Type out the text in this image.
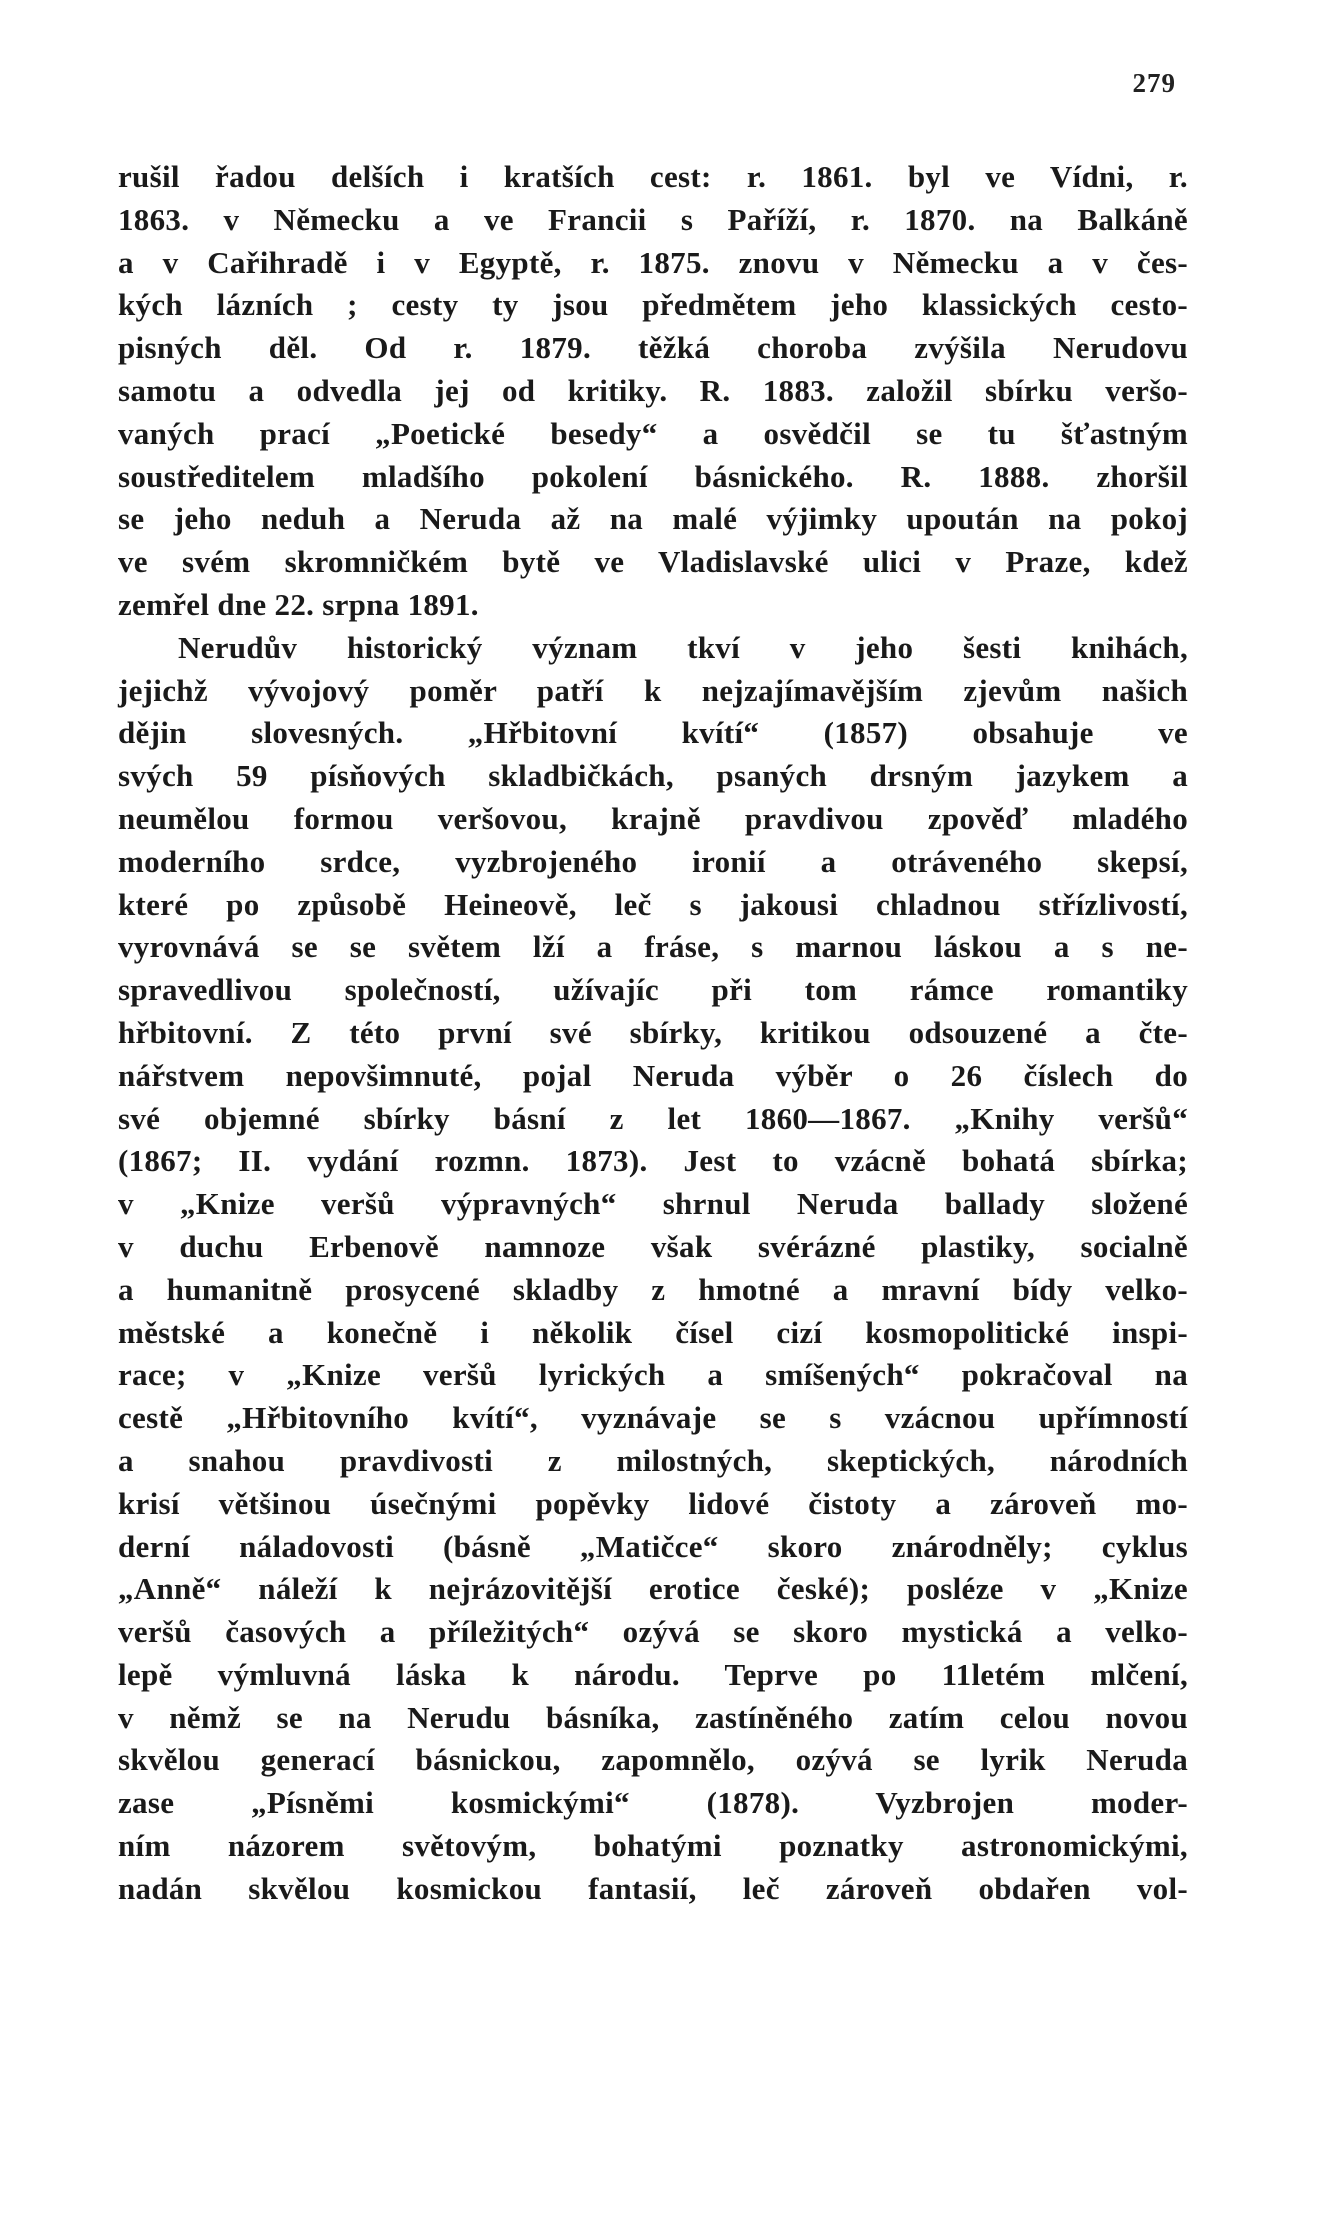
279
rušil řadou delších i kratších cest: r. 1861. byl ve Vídni, r.
1863. v Německu a ve Francii s Paříží, r. 1870. na Balkáně
a v Cařihradě i v Egyptě, r. 1875. znovu v Německu a v čes-
kých lázních ; cesty ty jsou předmětem jeho klassických cesto-
pisných děl. Od r. 1879. těžká choroba zvýšila Nerudovu
samotu a odvedla jej od kritiky. R. 1883. založil sbírku veršo-
vaných prací „Poetické besedy“ a osvědčil se tu šťastným
soustředitelem mladšího pokolení básnického. R. 1888. zhoršil
se jeho neduh a Neruda až na malé výjimky upoután na pokoj
ve svém skromničkém bytě ve Vladislavské ulici v Praze, kdež
zemřel dne 22. srpna 1891.
Nerudův historický význam tkví v jeho šesti knihách,
jejichž vývojový poměr patří k nejzajímavějším zjevům našich
dějin slovesných. „Hřbitovní kvítí“ (1857) obsahuje ve
svých 59 písňových skladbičkách, psaných drsným jazykem a
neumělou formou veršovou, krajně pravdivou zpověď mladého
moderního srdce, vyzbrojeného ironií a otráveného skepsí,
které po způsobě Heineově, leč s jakousi chladnou střízlivostí,
vyrovnává se se světem lží a fráse, s marnou láskou a s ne-
spravedlivou společností, užívajíc při tom rámce romantiky
hřbitovní. Z této první své sbírky, kritikou odsouzené a čte-
nářstvem nepovšimnuté, pojal Neruda výběr o 26 číslech do
své objemné sbírky básní z let 1860—1867. „Knihy veršů“
(1867; II. vydání rozmn. 1873). Jest to vzácně bohatá sbírka;
v „Knize veršů výpravných“ shrnul Neruda ballady složené
v duchu Erbenově namnoze však svérázné plastiky, socialně
a humanitně prosycené skladby z hmotné a mravní bídy velko-
městské a konečně i několik čísel cizí kosmopolitické inspi-
race; v „Knize veršů lyrických a smíšených“ pokračoval na
cestě „Hřbitovního kvítí“, vyznávaje se s vzácnou upřímností
a snahou pravdivosti z milostných, skeptických, národních
krisí většinou úsečnými popěvky lidové čistoty a zároveň mo-
derní náladovosti (básně „Matičce“ skoro znárodněly; cyklus
„Anně“ náleží k nejrázovitější erotice české); posléze v „Knize
veršů časových a příležitých“ ozývá se skoro mystická a velko-
lepě výmluvná láska k národu. Teprve po 11letém mlčení,
v němž se na Nerudu básníka, zastíněného zatím celou novou
skvělou generací básnickou, zapomnělo, ozývá se lyrik Neruda
zase „Písněmi kosmickými“ (1878). Vyzbrojen moder-
ním názorem světovým, bohatými poznatky astronomickými,
nadán skvělou kosmickou fantasií, leč zároveň obdařen vol-
